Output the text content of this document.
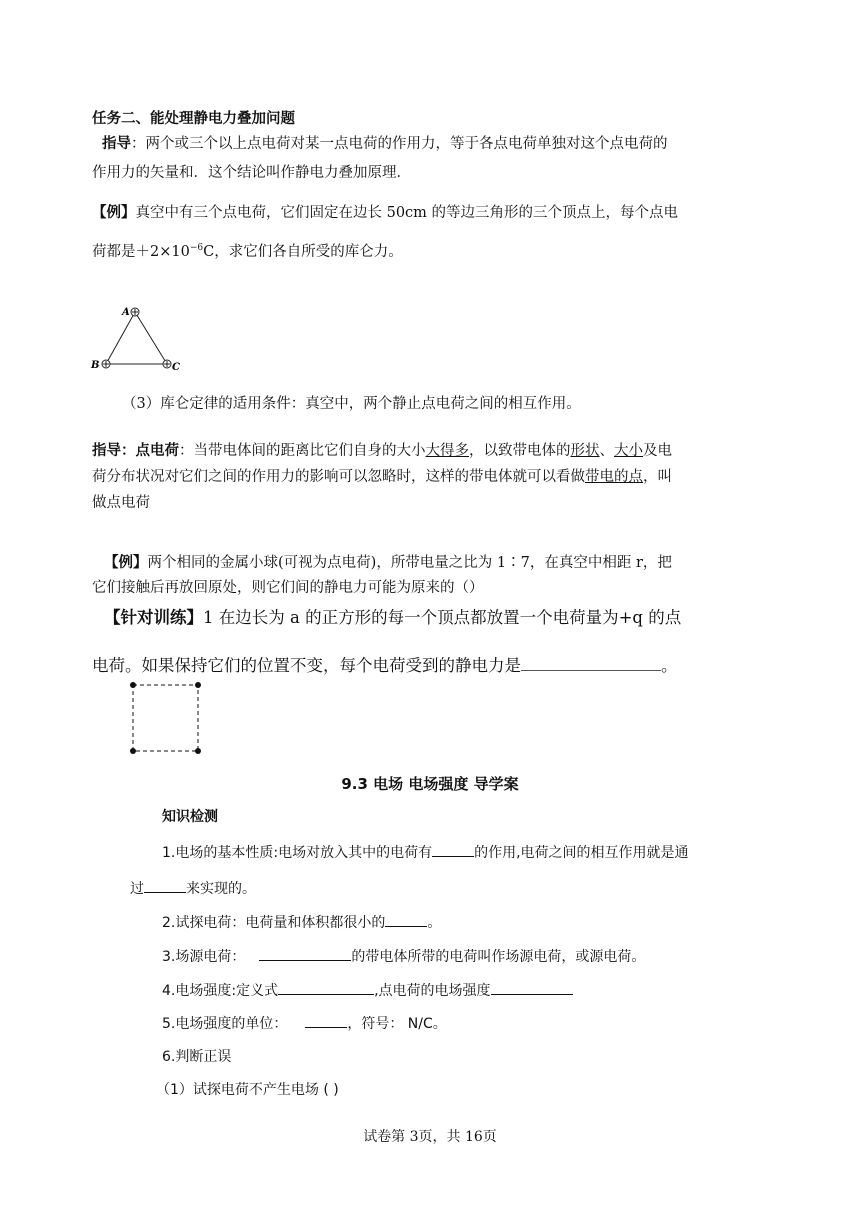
任务二、能处理静电力叠加问题
指导：两个或三个以上点电荷对某一点电荷的作用力，等于各点电荷单独对这个点电荷的
作用力的矢量和．这个结论叫作静电力叠加原理．
【例】真空中有三个点电荷，它们固定在边长 50cm 的等边三角形的三个顶点上，每个点电
荷都是$+2\times 10^{-6}C$，求它们各自所受的库仑力。
A
B	C
（3）库仑定律的适用条件：真空中，两个静止点电荷之间的相互作用。
指导：点电荷：当带电体间的距离比它们自身的大小大得多，以致带电体的形状、大小及电
荷分布状况对它们之间的作用力的影响可以忽略时，这样的带电体就可以看做带电的点，叫
做点电荷
【例】两个相同的金属小球(可视为点电荷)，所带电量之比为 1∶7，在真空中相距 r，把
它们接触后再放回原处，则它们间的静电力可能为原来的（）
【针对训练】1 在边长为 a 的正方形的每一个顶点都放置一个电荷量为+q 的点
电荷。如果保持它们的位置不变，每个电荷受到的静电力是	。
9.3 电场 电场强度 导学案
知识检测
1.电场的基本性质:电场对放入其中的电荷有	的作用,电荷之间的相互作用就是通
过	来实现的。
2.试探电荷：电荷量和体积都很小的	。
3.场源电荷：	的带电体所带的电荷叫作场源电荷，或源电荷。
4.电场强度:定义式	,点电荷的电场强度
5.电场强度的单位：	，符号： N/C。
6.判断正误
（1）试探电荷不产生电场 ( )
试卷第 3页，共 16页
